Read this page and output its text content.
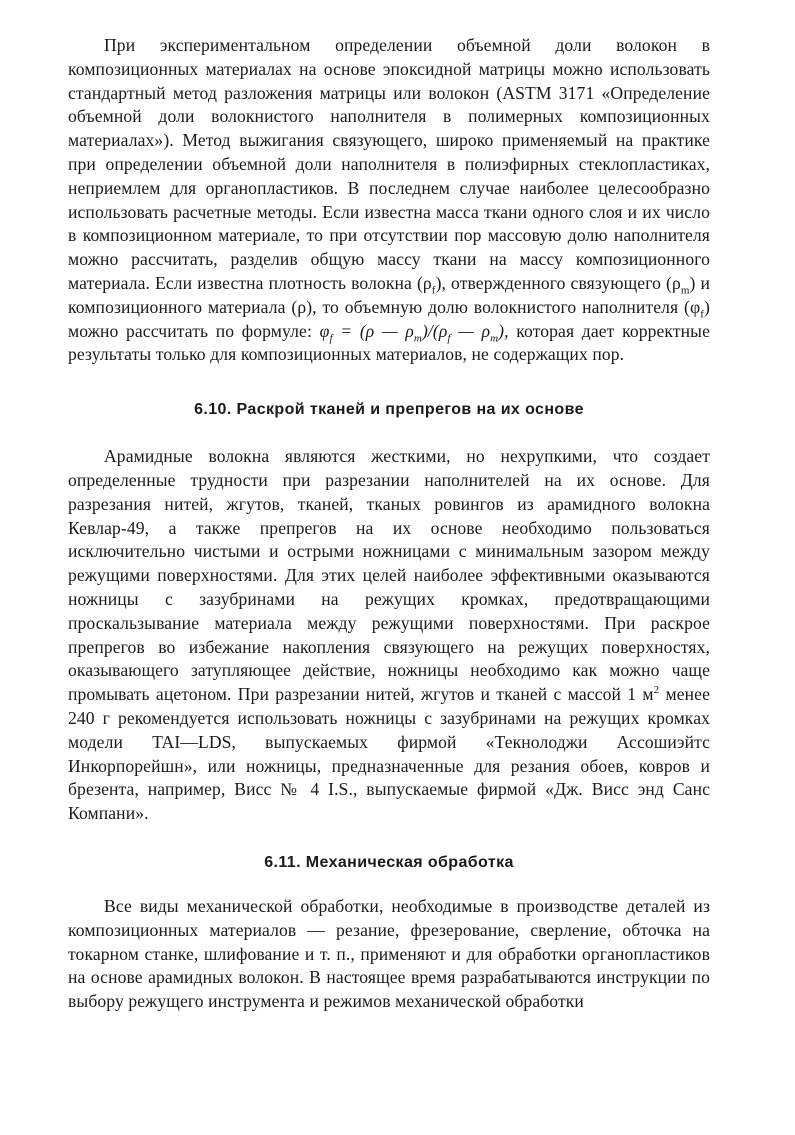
При экспериментальном определении объемной доли волокон в композиционных материалах на основе эпоксидной матрицы можно использовать стандартный метод разложения матрицы или волокон (ASTM 3171 «Определение объемной доли волокнистого наполнителя в полимерных композиционных материалах»). Метод выжигания связующего, широко применяемый на практике при определении объемной доли наполнителя в полиэфирных стеклопластиках, неприемлем для органопластиков. В последнем случае наиболее целесообразно использовать расчетные методы. Если известна масса ткани одного слоя и их число в композиционном материале, то при отсутствии пор массовую долю наполнителя можно рассчитать, разделив общую массу ткани на массу композиционного материала. Если известна плотность волокна $(\rho_f)$, отвержденного связующего $(\rho_m)$ и композиционного материала (ρ), то объемную долю волокнистого наполнителя $(\varphi_f)$ можно рассчитать по формуле: $\varphi_f = (\rho$ — $\rho_m)/(\rho_f$ — $\rho_m$), которая дает корректные результаты только для композиционных материалов, не содержащих пор.

6.10. Раскрой тканей и препрегов на их основе

Арамидные волокна являются жесткими, но нехрупкими, что создает определенные трудности при разрезании наполнителей на их основе. Для разрезания нитей, жгутов, тканей, тканых ровингов из арамидного волокна Кевлар-49, а также препрегов на их основе необходимо пользоваться исключительно чистыми и острыми ножницами с минимальным зазором между режущими поверхностями. Для этих целей наиболее эффективными оказываются ножницы с зазубринами на режущих кромках, предотвращающими проскальзывание материала между режущими поверхностями. При раскрое препрегов во избежание накопления связующего на режущих поверхностях, оказывающего затупляющее действие, ножницы необходимо как можно чаще промывать ацетоном. При разрезании нитей, жгутов и тканей с массой 1 $м^2$ менее 240 г рекомендуется использовать ножницы с зазубринами на режущих кромках модели TAI—LDS, выпускаемых фирмой «Текнолоджи Ассошиэйтс Инкорпорейшн», или ножницы, предназначенные для резания обоев, ковров и брезента, например, Висс № 4 I.S., выпускаемые фирмой «Дж. Висс энд Санс Компани».

6.11. Механическая обработка

Все виды механической обработки, необходимые в производстве деталей из композиционных материалов — резание, фрезерование, сверление, обточка на токарном станке, шлифование и т. п., применяют и для обработки органопластиков на основе арамидных волокон. В настоящее время разрабатываются инструкции по выбору режущего инструмента и режимов механической обработки
